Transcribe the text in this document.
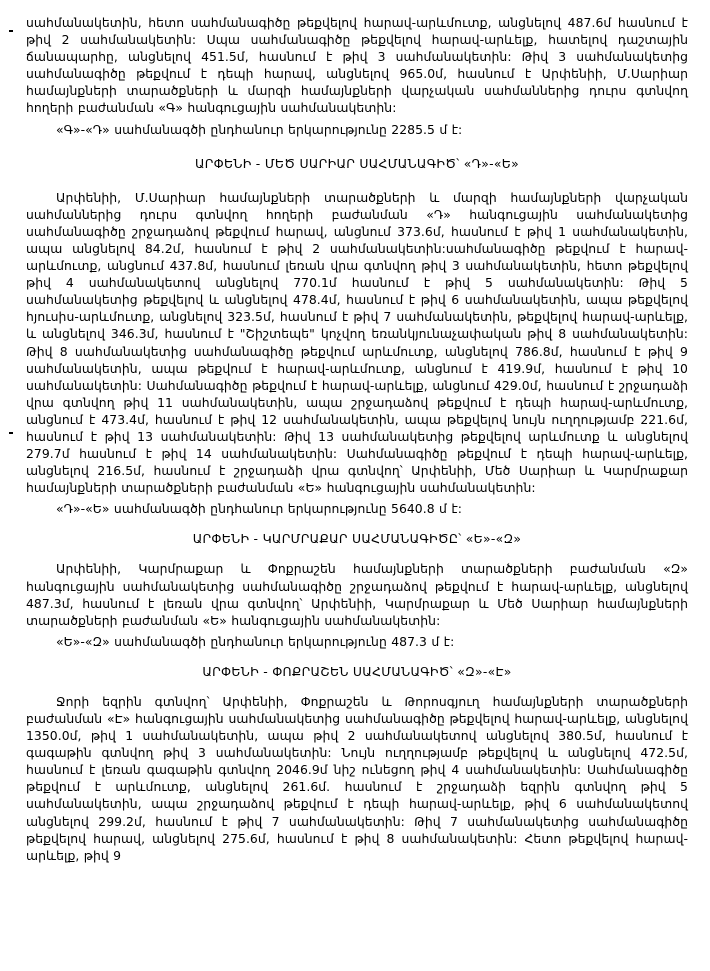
սահմանակետին, հետո սահմանագիծը թեքվելով հարավ-արևմուտք, անցնելով 487.6մ հասնում է թիվ 2 սահմանակետին: Սպա սահմանագիծը թեքվելով հարավ-արևելք, հատելով դաշտային ճանապարհը, անցնելով 451.5մ, հասնում է թիվ 3 սահմանակետին: Թիվ 3 սահմանակետից սահմանագիծը թեքվում է դեպի հարավ, անցնելով 965.0մ, հասնում է Արփենիի, Մ.Սարիար համայնքների տարածքների և մարզի համայնքների վարչական սահմաններից դուրս գտնվող հողերի բաժանման «Գ» հանգուցային սահմանակետին:

«Գ»-«Դ» սահմանագծի ընդհանուր երկարությունը 2285.5 մ է:

ԱՐՓԵՆԻ - ՄԵԾ ՍԱՐԻԱՐ ՍԱՀՄԱՆԱԳԻԾ՝ «Դ»-«Ե»

Արփենիի, Մ.Սարիար համայնքների տարածքների և մարզի համայնքների վարչական սահմաններից դուրս գտնվող հողերի բաժանման «Դ» հանգուցային սահմանակետից սահմանագիծը շրջադաձով թեքվում հարավ, անցնում 373.6մ, հասնում է թիվ 1 սահմանակետին, ապա անցնելով 84.2մ, հասնում է թիվ 2 սահմանակետին:սահմանագիծը թեքվում է հարավ-արևմուտք, անցնում 437.8մ, հասնում լեռան վրա գտնվող թիվ 3 սահմանակետին, հետո թեքվելով թիվ 4 սահմանակետով անցնելով 770.1մ հասնում է թիվ 5 սահմանակետին: Թիվ 5 սահմանակետից թեքվելով և անցնելով 478.4մ, հասնում է թիվ 6 սահմանակետին, ապա թեքվելով հյուսիս-արևմուտք, անցնելով 323.5մ, հասնում է թիվ 7 սահմանակետին, թեքվելով հարավ-արևելք, և անցնելով 346.3մ, հասնում է "Շիշտեպե" կոչվող եռանկյունաչափական թիվ 8 սահմանակետին: Թիվ 8 սահմանակետից սահմանագիծը թեքվում արևմուտք, անցնելով 786.8մ, հասնում է թիվ 9 սահմանակետին, ապա թեքվում է հարավ-արևմուտք, անցնում է 419.9մ, հասնում է թիվ 10 սահմանակետին: Սահմանագիծը թեքվում է հարավ-արևելք, անցնում 429.0մ, հասնում է շրջադաձի վրա գտնվող թիվ 11 սահմանակետին, ապա շրջադաձով թեքվում է դեպի հարավ-արևմուտք, անցնում է 473.4մ, հասնում է թիվ 12 սահմանակետին, ապա թեքվելով նույն ուղղությամբ 221.6մ, հասնում է թիվ 13 սահմանակետին: Թիվ 13 սահմանակետից թեքվելով արևմուտք և անցնելով 279.7մ հասնում է թիվ 14 սահմանակետին: Սահմանագիծը թեքվում է դեպի հարավ-արևելք, անցնելով 216.5մ, հասնում է շրջադաձի վրա գտնվող՝ Արփենիի, Մեծ Սարիար և Կարմրաքար համայնքների տարածքների բաժանման «Ե» հանգուցային սահմանակետին:

«Դ»-«Ե» սահմանագծի ընդհանուր երկարությունը 5640.8 մ է:

ԱՐՓԵՆԻ - ԿԱՐՄՐԱՔԱՐ ՍԱՀՄԱՆԱԳԻԾԸ՝ «Ե»-«Զ»

Արփենիի, Կարմրաքար և Փոքրաշեն համայնքների տարածքների բաժանման «Զ» հանգուցային սահմանակետից սահմանագիծը շրջադաձով թեքվում է հարավ-արևելք, անցնելով 487.3մ, հասնում է լեռան վրա գտնվող՝ Արփենիի, Կարմրաքար և Մեծ Սարիար համայնքների տարածքների բաժանման «Ե» հանգուցային սահմանակետին:

«Ե»-«Զ» սահմանագծի ընդհանուր երկարությունը 487.3 մ է:

ԱՐՓԵՆԻ - ՓՈՔՐԱՇԵՆ ՍԱՀՄԱՆԱԳԻԾ՝ «Զ»-«Է»

Ջորի եզրին գտնվող՝ Արփենիի, Փոքրաշեն և Թորոսգյուղ համայնքների տարածքների բաժանման «Է» հանգուցային սահմանակետից սահմանագիծը թեքվելով հարավ-արևելք, անցնելով 1350.0մ, թիվ 1 սահմանակետին, ապա թիվ 2 սահմանակետով անցնելով 380.5մ, հասնում է գագաթին գտնվող թիվ 3 սահմանակետին: Նույն ուղղությամբ թեքվելով և անցնելով 472.5մ, հասնում է լեռան գագաթին գտնվող 2046.9մ նիշ ունեցող թիվ 4 սահմանակետին: Սահմանագիծը թեքվում է արևմուտք, անցնելով 261.6մ. հասնում է շրջադաձի եզրին գտնվող թիվ 5 սահմանակետին, ապա շրջադաձով թեքվում է դեպի հարավ-արևելք, թիվ 6 սահմանակետով անցնելով 299.2մ, հասնում է թիվ 7 սահմանակետին: Թիվ 7 սահմանակետից սահմանագիծը թեքվելով հարավ, անցնելով 275.6մ, հասնում է թիվ 8 սահմանակետին: Հետո թեքվելով հարավ-արևելք, թիվ 9
